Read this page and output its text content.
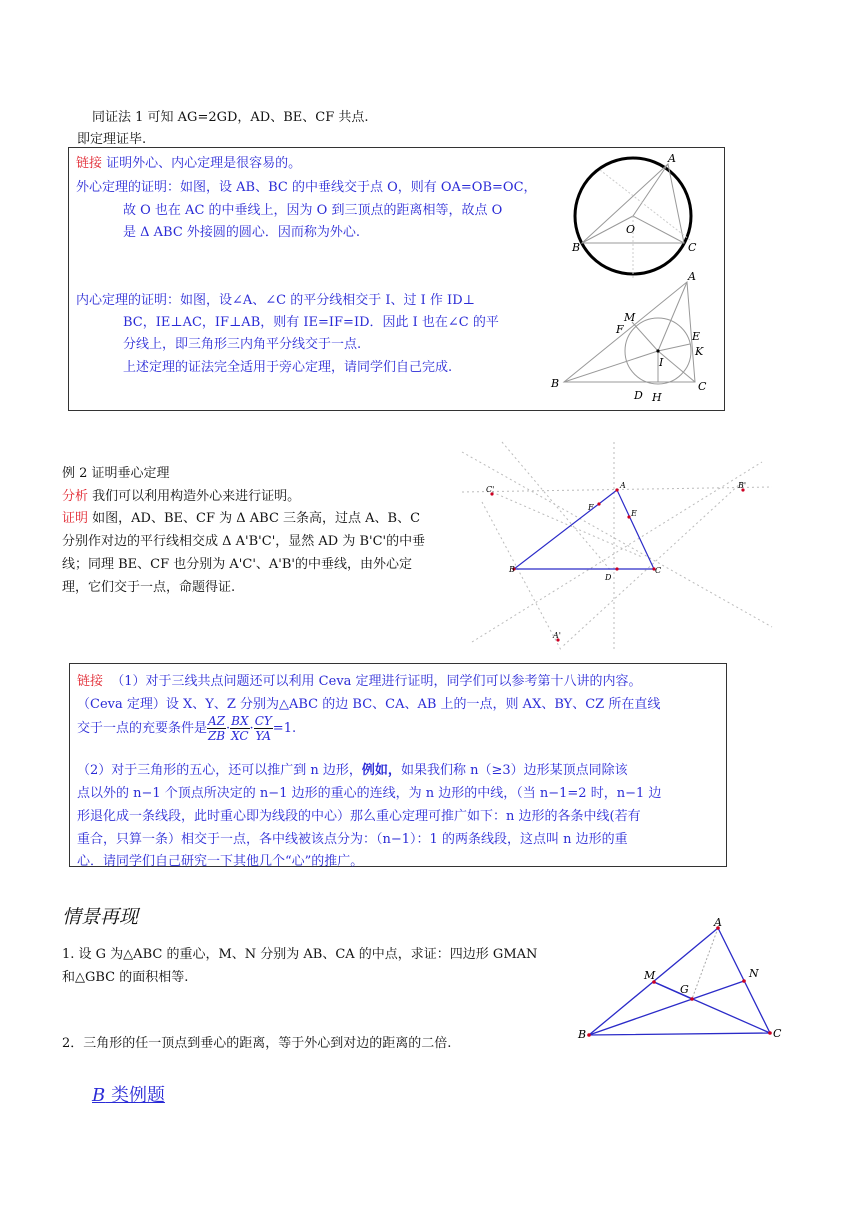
同证法 1 可知 AG=2GD，AD、BE、CF 共点.
即定理证毕.
链接 证明外心、内心定理是很容易的。
外心定理的证明：如图，设 AB、BC 的中垂线交于点 O，则有 OA=OB=OC，
故 O 也在 AC 的中垂线上，因为 O 到三顶点的距离相等，故点 O
是 Δ ABC 外接圆的圆心．因而称为外心.
内心定理的证明：如图，设∠A、∠C 的平分线相交于 I、过 I 作 ID⊥
BC，IE⊥AC，IF⊥AB，则有 IE=IF=ID．因此 I 也在∠C 的平
分线上，即三角形三内角平分线交于一点.
上述定理的证法完全适用于旁心定理，请同学们自己完成.
A
B	C
O
A
B	C
D
E
F
H
I
K
M
例 2 证明垂心定理
分析 我们可以利用构造外心来进行证明。
证明 如图，AD、BE、CF 为 Δ ABC 三条高，过点 A、B、C
分别作对边的平行线相交成 Δ A'B'C'，显然 AD 为 B'C'的中垂
线；同理 BE、CF 也分别为 A'C'、A'B'的中垂线，由外心定
理，它们交于一点，命题得证.
A
B	C
D
E
F
A'
B'
C'
链接 （1）对于三线共点问题还可以利用 Ceva 定理进行证明，同学们可以参考第十八讲的内容。
（Ceva 定理）设 X、Y、Z 分别为△ABC 的边 BC、CA、AB 上的一点，则 AX、BY、CZ 所在直线
交于一点的充要条件是 $\frac{AZ}{ZB} \cdot \frac{BX}{XC} \cdot \frac{CY}{YA} =1$.
（2）对于三角形的五心，还可以推广到 n 边形，例如，如果我们称 n（≥3）边形某顶点同除该
点以外的 n−1 个顶点所决定的 n−1 边形的重心的连线，为 n 边形的中线，（当 n−1=2 时，n−1 边
形退化成一条线段，此时重心即为线段的中心）那么重心定理可推广如下：n 边形的各条中线(若有
重合，只算一条）相交于一点，各中线被该点分为：（n−1）：1 的两条线段，这点叫 n 边形的重
心．请同学们自己研究一下其他几个“心”的推广。
情景再现
1. 设 G 为△ABC 的重心，M、N 分别为 AB、CA 的中点，求证：四边形 GMAN
和△GBC 的面积相等.
2．三角形的任一顶点到垂心的距离，等于外心到对边的距离的二倍.
A
B	C
G
M	N
B 类例题
